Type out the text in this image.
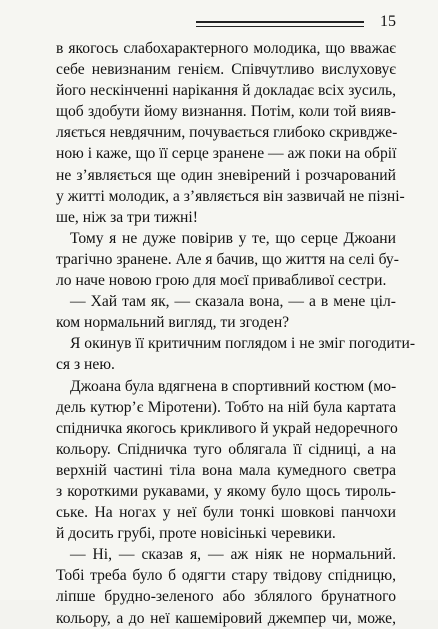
15
в якогось слабохарактерного молодика, що вважає
себе невизнаним генієм. Співчутливо вислуховує
його нескінченні нарікання й докладає всіх зусиль,
щоб здобути йому визнання. Потім, коли той вияв-
ляється невдячним, почувається глибоко скривдже-
ною і каже, що її серце зранене — аж поки на обрії
не з’являється ще один зневірений і розчарований
у житті молодик, а з’являється він зазвичай не пізні-
ше, ніж за три тижні!
Тому я не дуже повірив у те, що серце Джоани
трагічно зранене. Але я бачив, що життя на селі бу-
ло наче новою грою для моєї привабливої сестри.
— Хай там як, — сказала вона, — а в мене цiл-
ком нормальний вигляд, ти згоден?
Я окинув її критичним поглядом і не зміг погодити-
ся з нею.
Джоана була вдягнена в спортивний костюм (мо-
дель кутюр’є Міротени). Тобто на ній була картата
спідничка якогось крикливого й украй недоречного
кольору. Спідничка туго облягала її сідниці, а на
верхній частині тіла вона мала кумедного светра
з короткими рукавами, у якому було щось тироль-
ське. На ногах у неї були тонкі шовкові панчохи
й досить грубі, проте новісінькі черевики.
— Ні, — сказав я, — аж ніяк не нормальний.
Тобі треба було б одягти стару твідову спідницю,
ліпше брудно-зеленого або зблялого брунатного
кольору, а до неї кашеміровий джемпер чи, може,
